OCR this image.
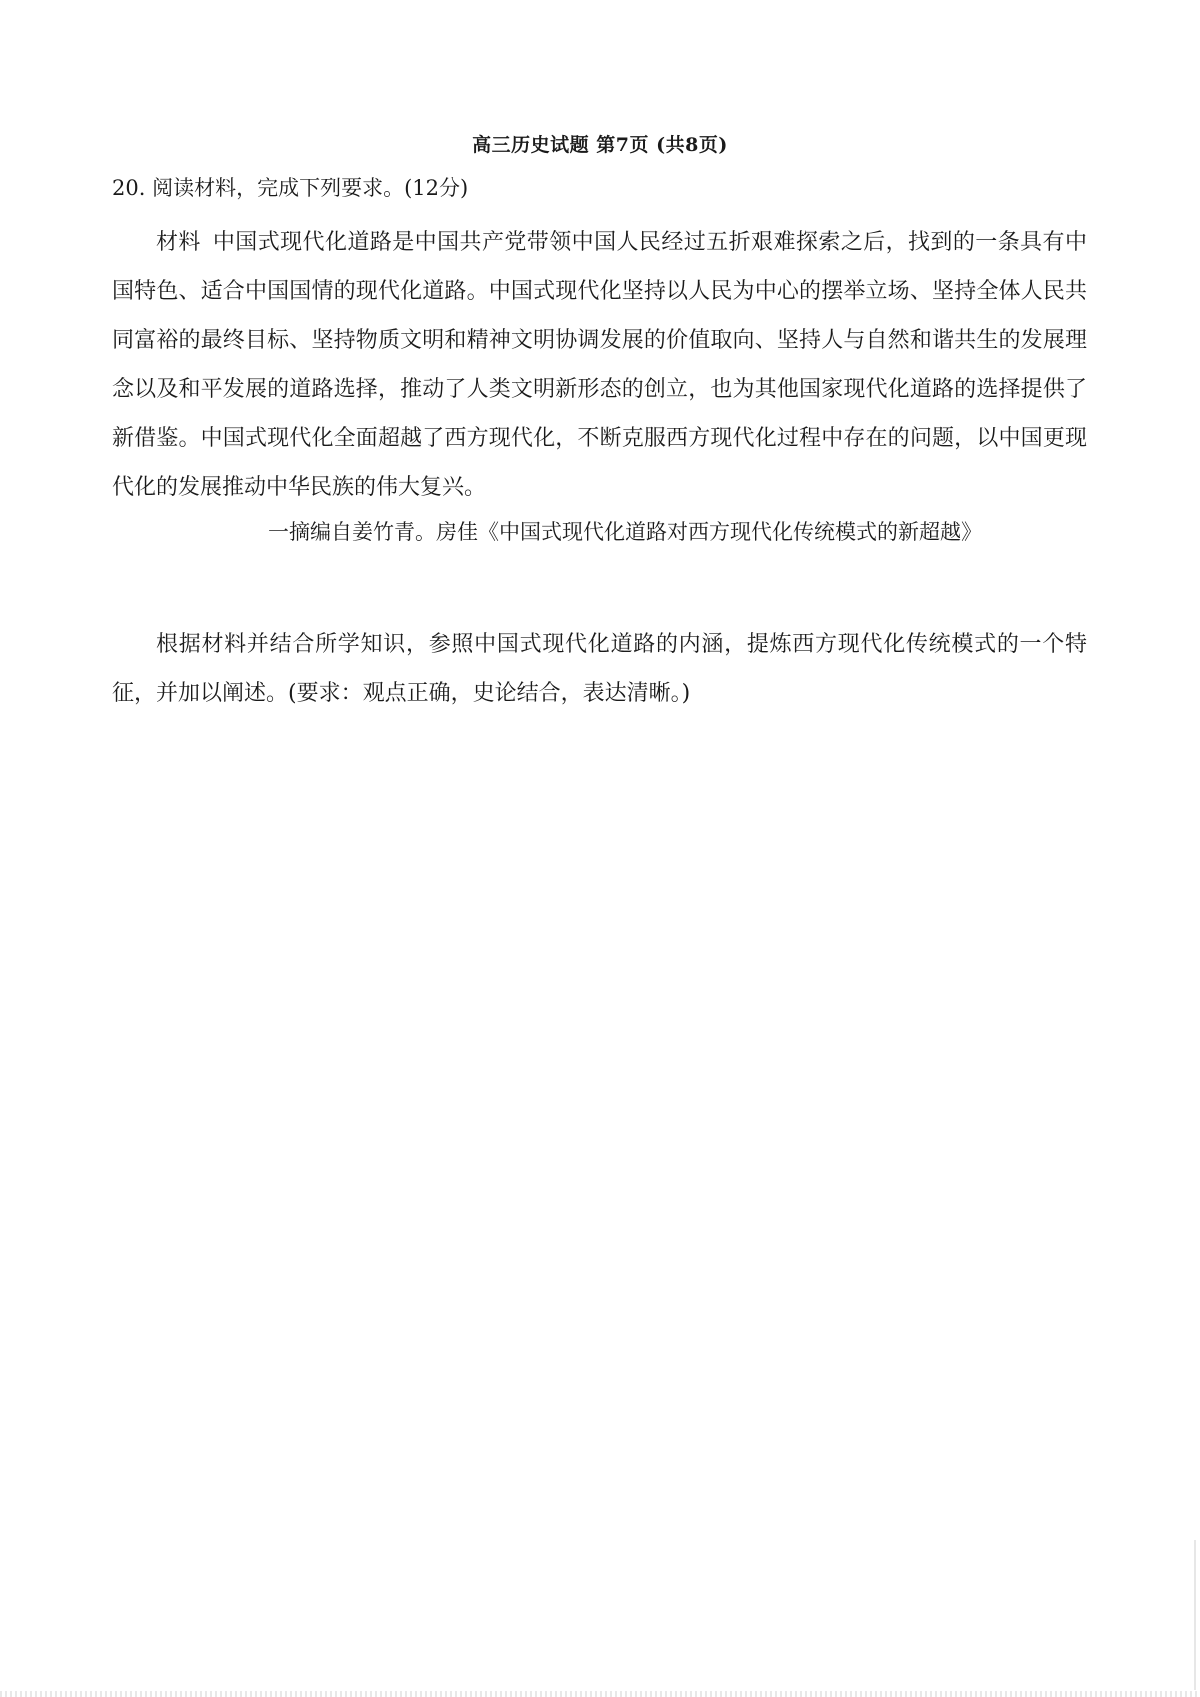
高三历史试题 第7页 (共8页)
20. 阅读材料，完成下列要求。(12分)

材料 中国式现代化道路是中国共产党带领中国人民经过五折艰难探索之后，找到的一条具有中国特色、适合中国国情的现代化道路。中国式现代化坚持以人民为中心的摆举立场、坚持全体人民共同富裕的最终目标、坚持物质文明和精神文明协调发展的价值取向、坚持人与自然和谐共生的发展理念以及和平发展的道路选择，推动了人类文明新形态的创立，也为其他国家现代化道路的选择提供了新借鉴。中国式现代化全面超越了西方现代化，不断克服西方现代化过程中存在的问题，以中国更现代化的发展推动中华民族的伟大复兴。

一摘编自姜竹青。房佳《中国式现代化道路对西方现代化传统模式的新超越》

根据材料并结合所学知识，参照中国式现代化道路的内涵，提炼西方现代化传统模式的一个特征，并加以阐述。(要求：观点正确，史论结合，表达清晰。)
